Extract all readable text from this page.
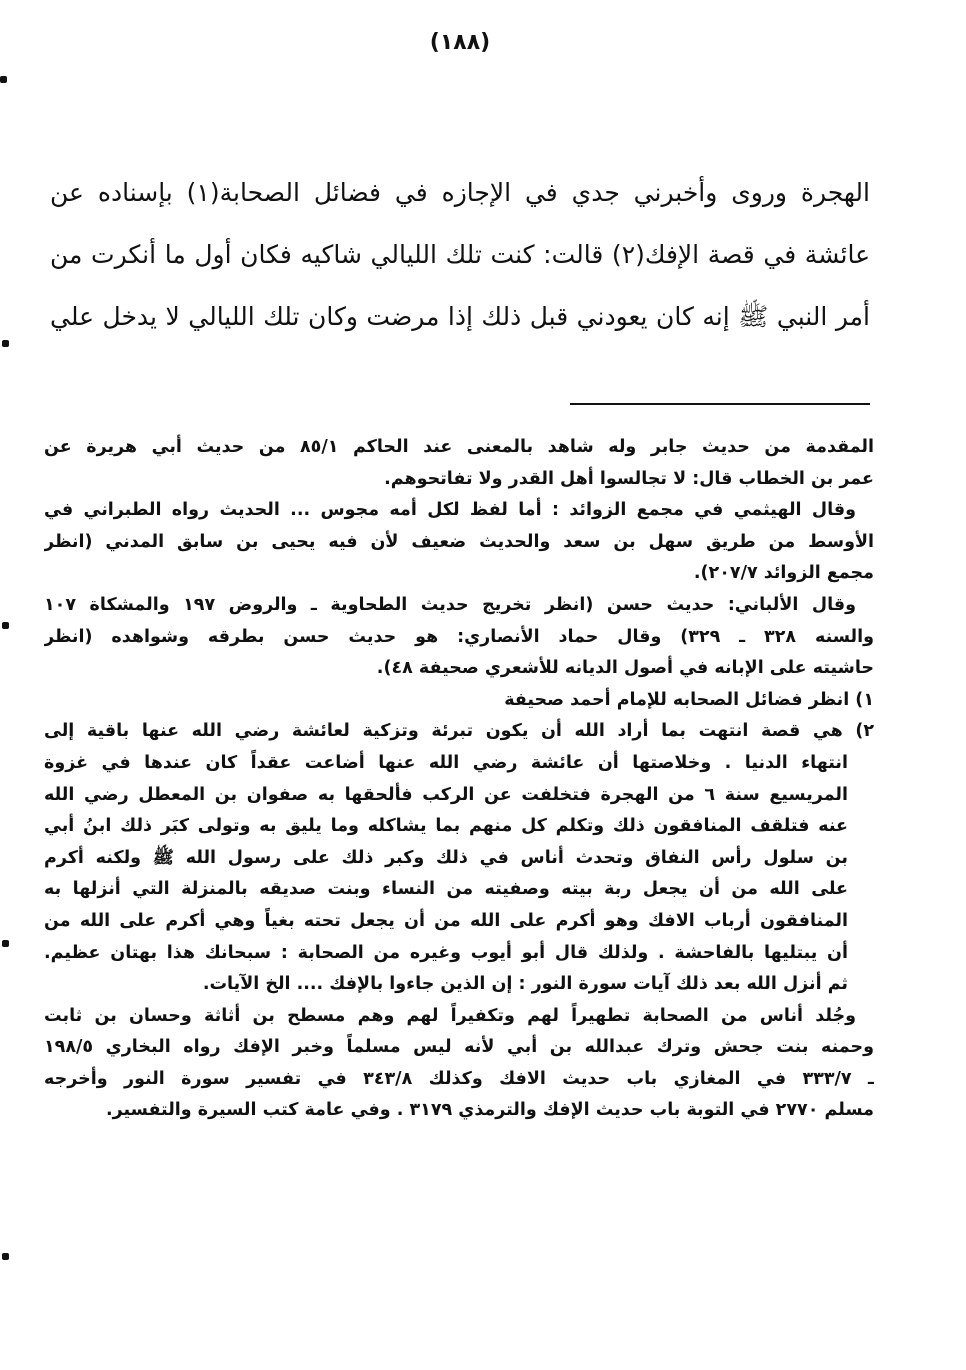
(١٨٨)
الهجرة وروى وأخبرني جدي في الإجازه في فضائل الصحابة(١) بإسناده عن
عائشة في قصة الإفك(٢) قالت: كنت تلك الليالي شاكيه فكان أول ما أنكرت من
أمر النبي ﷺ إنه كان يعودني قبل ذلك إذا مرضت وكان تلك الليالي لا يدخل علي
المقدمة من حديث جابر وله شاهد بالمعنى عند الحاكم ٨٥/١ من حديث أبي هريرة عن
عمر بن الخطاب قال: لا تجالسوا أهل القدر ولا تفاتحوهم.
وقال الهيثمي في مجمع الزوائد : أما لفظ لكل أمه مجوس ... الحديث رواه الطبراني في
الأوسط من طريق سهل بن سعد والحديث ضعيف لأن فيه يحيى بن سابق المدني (انظر
مجمع الزوائد ٢٠٧/٧).
وقال الألباني: حديث حسن (انظر تخريج حديث الطحاوية ـ والروض ١٩٧ والمشكاة ١٠٧
والسنه ٣٢٨ ـ ٣٢٩) وقال حماد الأنصاري: هو حديث حسن بطرقه وشواهده (انظر
حاشيته على الإبانه في أصول الديانه للأشعري صحيفة ٤٨).
١) انظر فضائل الصحابه للإمام أحمد صحيفة
٢) هي قصة انتهت بما أراد الله أن يكون تبرئة وتزكية لعائشة رضي الله عنها باقية إلى
انتهاء الدنيا . وخلاصتها أن عائشة رضي الله عنها أضاعت عقداً كان عندها في غزوة
المريسيع سنة ٦ من الهجرة فتخلفت عن الركب فألحقها به صفوان بن المعطل رضي الله
عنه فتلقف المنافقون ذلك وتكلم كل منهم بما يشاكله وما يليق به وتولى كبَر ذلك ابنُ أبي
بن سلول رأس النفاق وتحدث أناس في ذلك وكبر ذلك على رسول الله ﷺ ولكنه أكرم
على الله من أن يجعل ربة بيته وصفيته من النساء وبنت صديقه بالمنزلة التي أنزلها به
المنافقون أرباب الافك وهو أكرم على الله من أن يجعل تحته بغياً وهي أكرم على الله من
أن يبتليها بالفاحشة . ولذلك قال أبو أيوب وغيره من الصحابة : سبحانك هذا بهتان عظيم.
ثم أنزل الله بعد ذلك آيات سورة النور : إن الذين جاءوا بالإفك .... الخ الآيات.
وجُلد أناس من الصحابة تطهيراً لهم وتكفيراً لهم وهم مسطح بن أثاثة وحسان بن ثابت
وحمنه بنت جحش وترك عبدالله بن أبي لأنه ليس مسلماً وخبر الإفك رواه البخاري ١٩٨/٥
ـ ٣٣٣/٧ في المغازي باب حديث الافك وكذلك ٣٤٣/٨ في تفسير سورة النور وأخرجه
مسلم ٢٧٧٠ في التوبة باب حديث الإفك والترمذي ٣١٧٩ . وفي عامة كتب السيرة والتفسير.
